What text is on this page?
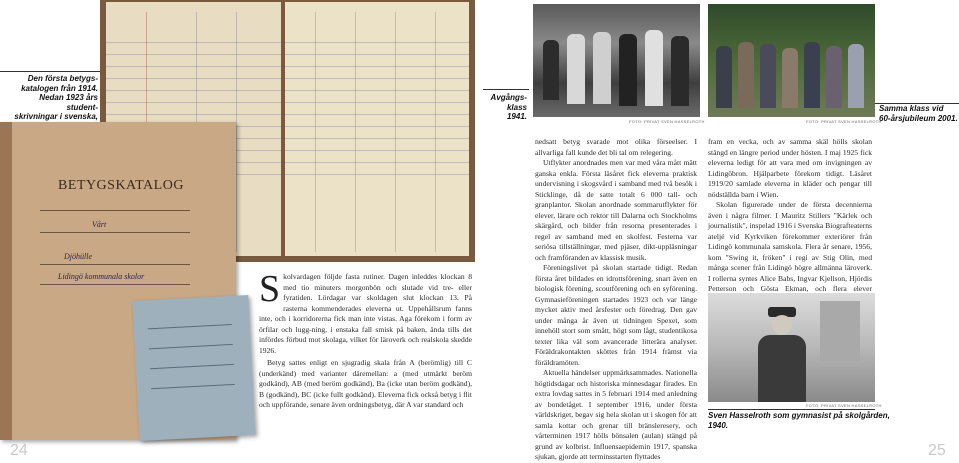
Den första betygs-
katalogen från 1914.
Nedan 1923 års student-
skrivningar i svenska,
BETYGSKATALOG
Vårt
Djöhülle
Lidingö kommunala skolor	Skolvardagen följde fasta rutiner. Dagen inleddes klockan 8 med tio minuters morgonbön och slutade vid tre- eller fyratiden. Lördagar var skoldagen slut klockan 13. På rasterna kommenderades eleverna ut. Uppehållsrum fanns inte, och i korridorerna fick man inte vistas. Aga förekom i form av örfilar och lugg-ning, i enstaka fall smisk på baken, ända tills det infördes förbud mot skolaga, vilket för läroverk och realskola skedde 1926.

Betyg sattes enligt en sjugradig skala från A (berömlig) till C (underkänd) med varianter däremellan: a (med utmärkt beröm godkänd), AB (med beröm godkänd), Ba (icke utan beröm godkänd), B (godkänd), BC (icke fullt godkänd). Eleverna fick också betyg i flit och uppförande, senare även ordningsbetyg, där A var standard och

24
Avgångs-
klass
1941.
FOTO: PRIVAT SVEN HASSELROTH	FOTO: PRIVAT SVEN HASSELROTH
Samma klass vid
60-årsjubileum 2001.

nedsatt betyg svarade mot olika förseelser. I allvarliga fall kunde det bli tal om relegering.

Utflykter anordnades men var med våra mått mätt ganska enkla. Första läsåret fick eleverna praktisk undervisning i skogsvård i samband med två besök i Sticklinge, då de satte totalt 6 000 tall- och granplantor. Skolan anordnade sommarutflykter för elever, lärare och rektor till Dalarna och Stockholms skärgård, och bilder från resorna presenterades i regel av samband med en skolfest. Festerna var seriösa tillställningar, med pjäser, dikt-uppläsningar och framföranden av klassisk musik.

Föreningslivet på skolan startade tidigt. Redan första året bildades en idrottsförening, snart även en biologisk förening, scoutförening och en syförening. Gymnasieföreningen startades 1923 och var länge mycket aktiv med årsfester och föredrag. Den gav under många år även ut tidningen Spexet, som innehöll stort som smått, högt som lågt, studentikosa texter lika väl som avancerade litterära analyser. Föräldrakontakten sköttes från 1914 främst via föräldramöten.

Aktuella händelser uppmärksammades. Nationella högtidsdagar och historiska minnesdagar firades. En extra lovdag sattes in 5 februari 1914 med anledning av bondetåget. I september 1916, under första världskriget, begav sig hela skolan ut i skogen för att samla kottar och grenar till bränsleresery, och vårterminen 1917 hölls bönsalen (aulan) stängd på grund av kolbrist. Influensaepidemin 1917, spanska sjukan, gjorde att terminsstarten flyttades

fram en vecka, och av samma skäl hölls skolan stängd en längre period under hösten. I maj 1925 fick eleverna ledigt för att vara med om invigningen av Lidingöbron. Hjälparbete förekom tidigt. Läsåret 1919/20 samlade eleverna in kläder och pengar till nödställda barn i Wien.

Skolan figurerade under de första decennierna även i några filmer. I Mauritz Stillers "Kärlek och journalistik", inspelad 1916 i Svenska Biografteaterns ateljé vid Kyrkviken förekommer exteriörer från Lidingö kommunala samskola. Flera år senare, 1956, kom "Swing it, fröken" i regi av Stig Olin, med många scener från Lidingö högre allmänna läroverk. I rollerna syntes Alice Babs, Ingvar Kjellson, Hjördis Petterson och Gösta Ekman, och flera elever

FOTO: PRIVAT SVEN HASSELROTH
Sven Hasselroth som gymnasist på skolgården, 1940.
25
